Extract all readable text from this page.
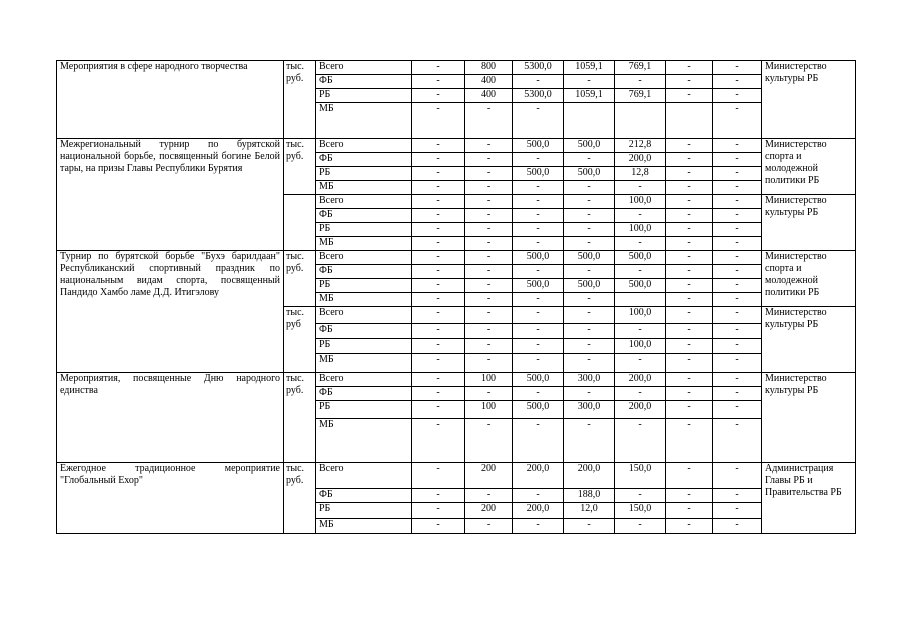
Мероприятия в сфере народного творчества	тыс. руб.	Всего	-	800	5300,0	1059,1	769,1	-	-	Министерство культуры РБ
		ФБ	-	400	-	-	-	-	-	
		РБ	-	400	5300,0	1059,1	769,1	-	-	
		МБ	-	-	-				-	
Межрегиональный турнир по бурятской национальной борьбе, посвященный богине Белой тары, на призы Главы Республики Бурятия	тыс. руб.	Всего	-	-	500,0	500,0	212,8	-	-	Министерство спорта и молодежной политики РБ
		ФБ	-	-	-	-	200,0	-	-	
		РБ	-	-	500,0	500,0	12,8	-	-	
		МБ	-	-	-	-	-	-	-	
		Всего	-	-	-	-	100,0	-	-	Министерство культуры РБ
		ФБ	-	-	-	-	-	-	-	
		РБ	-	-	-	-	100,0	-	-	
		МБ	-	-	-	-	-	-	-	
Турнир по бурятской борьбе "Бухэ барилдаан" Республиканский спортивный праздник по национальным видам спорта, посвященный Пандидо Хамбо ламе Д.Д. Итигэлову	тыс. руб.	Всего	-	-	500,0	500,0	500,0	-	-	Министерство спорта и молодежной политики РБ
		ФБ	-	-	-	-	-	-	-	
		РБ	-	-	500,0	500,0	500,0	-	-	
		МБ	-	-	-	-		-	-	
	тыс. руб	Всего	-	-	-	-	100,0	-	-	Министерство культуры РБ
		ФБ	-	-	-	-	-	-	-	
		РБ	-	-	-	-	100,0	-	-	
		МБ	-	-	-	-	-	-	-	
Мероприятия, посвященные Дню народного единства	тыс. руб.	Всего	-	100	500,0	300,0	200,0	-	-	Министерство культуры РБ
		ФБ	-	-	-	-	-	-	-	
		РБ	-	100	500,0	300,0	200,0	-	-	
		МБ	-	-	-	-	-	-	-	
Ежегодное традиционное мероприятие "Глобальный Ехор"	тыс. руб.	Всего	-	200	200,0	200,0	150,0	-	-	Администрация Главы РБ и Правительства РБ
		ФБ	-	-	-	188,0	-	-	-	
		РБ	-	200	200,0	12,0	150,0	-	-	
		МБ	-	-	-	-	-	-	-	
